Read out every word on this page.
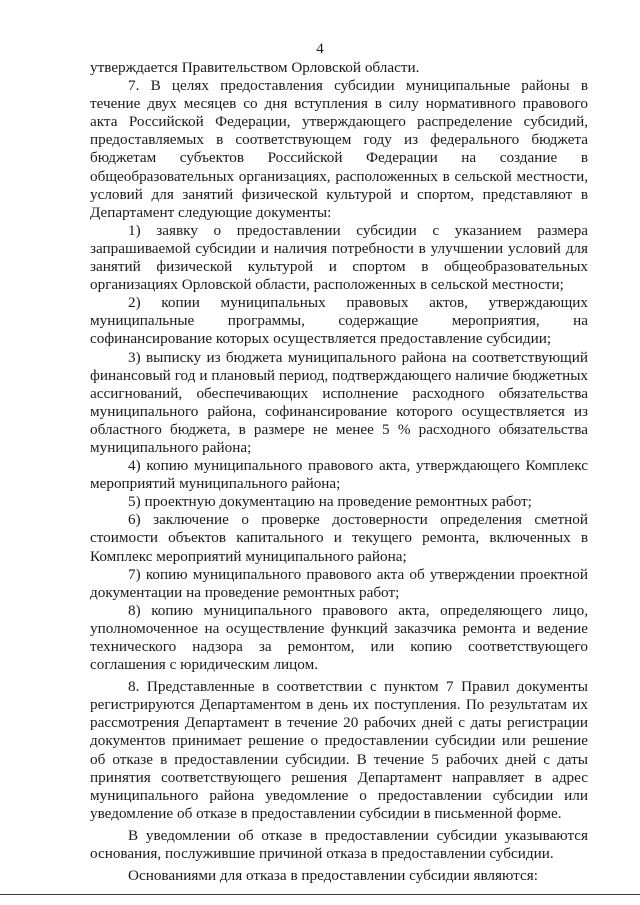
4

утверждается Правительством Орловской области.

7. В целях предоставления субсидии муниципальные районы в течение двух месяцев со дня вступления в силу нормативного правового акта Российской Федерации, утверждающего распределение субсидий, предоставляемых в соответствующем году из федерального бюджета бюджетам субъектов Российской Федерации на создание в общеобразовательных организациях, расположенных в сельской местности, условий для занятий физической культурой и спортом, представляют в Департамент следующие документы:

1) заявку о предоставлении субсидии с указанием размера запрашиваемой субсидии и наличия потребности в улучшении условий для занятий физической культурой и спортом в общеобразовательных организациях Орловской области, расположенных в сельской местности;

2) копии муниципальных правовых актов, утверждающих муниципальные программы, содержащие мероприятия, на софинансирование которых осуществляется предоставление субсидии;

3) выписку из бюджета муниципального района на соответствующий финансовый год и плановый период, подтверждающего наличие бюджетных ассигнований, обеспечивающих исполнение расходного обязательства муниципального района, софинансирование которого осуществляется из областного бюджета, в размере не менее 5 % расходного обязательства муниципального района;

4) копию муниципального правового акта, утверждающего Комплекс мероприятий муниципального района;

5) проектную документацию на проведение ремонтных работ;

6) заключение о проверке достоверности определения сметной стоимости объектов капитального и текущего ремонта, включенных в Комплекс мероприятий муниципального района;

7) копию муниципального правового акта об утверждении проектной документации на проведение ремонтных работ;

8) копию муниципального правового акта, определяющего лицо, уполномоченное на осуществление функций заказчика ремонта и ведение технического надзора за ремонтом, или копию соответствующего соглашения с юридическим лицом.

8. Представленные в соответствии с пунктом 7 Правил документы регистрируются Департаментом в день их поступления. По результатам их рассмотрения Департамент в течение 20 рабочих дней с даты регистрации документов принимает решение о предоставлении субсидии или решение об отказе в предоставлении субсидии. В течение 5 рабочих дней с даты принятия соответствующего решения Департамент направляет в адрес муниципального района уведомление о предоставлении субсидии или уведомление об отказе в предоставлении субсидии в письменной форме.

В уведомлении об отказе в предоставлении субсидии указываются основания, послужившие причиной отказа в предоставлении субсидии.

Основаниями для отказа в предоставлении субсидии являются:
